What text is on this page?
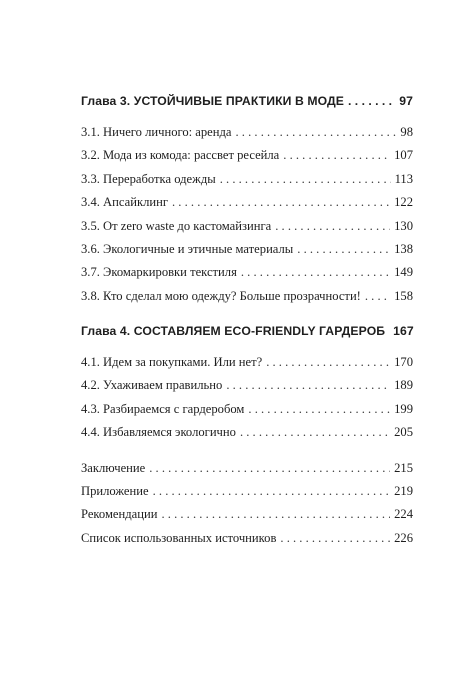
Глава 3. УСТОЙЧИВЫЕ ПРАКТИКИ В МОДЕ . . .	97
3.1. Ничего личного: аренда . . .	98
3.2. Мода из комода: рассвет ресейла . . .	107
3.3. Переработка одежды . . .	113
3.4. Апсайклинг . . .	122
3.5. От zero waste до кастомайзинга . . .	130
3.6. Экологичные и этичные материалы . . .	138
3.7. Экомаркировки текстиля . . .	149
3.8. Кто сделал мою одежду? Больше прозрачности! . . .	158
Глава 4. СОСТАВЛЯЕМ ECO-FRIENDLY ГАРДЕРОБ 167
4.1. Идем за покупками. Или нет? . . .	170
4.2. Ухаживаем правильно . . .	189
4.3. Разбираемся с гардеробом . . .	199
4.4. Избавляемся экологично . . .	205
Заключение . . .	215
Приложение . . .	219
Рекомендации . . .	224
Список использованных источников . . .	226
